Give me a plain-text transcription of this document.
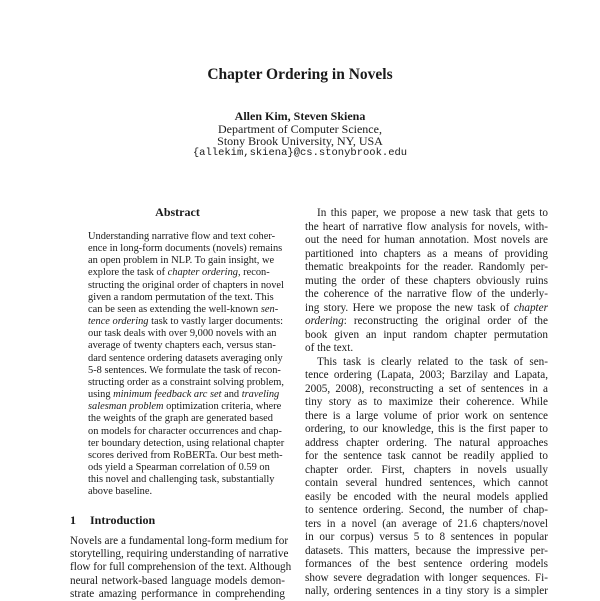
Chapter Ordering in Novels
Allen Kim, Steven Skiena
Department of Computer Science,
Stony Brook University, NY, USA
{allekim,skiena}@cs.stonybrook.edu
Abstract
Understanding narrative flow and text coher-
ence in long-form documents (novels) remains
an open problem in NLP. To gain insight, we
explore the task of chapter ordering, recon-
structing the original order of chapters in novel
given a random permutation of the text. This
can be seen as extending the well-known sen-
tence ordering task to vastly larger documents:
our task deals with over 9,000 novels with an
average of twenty chapters each, versus stan-
dard sentence ordering datasets averaging only
5-8 sentences. We formulate the task of recon-
structing order as a constraint solving problem,
using minimum feedback arc set and traveling
salesman problem optimization criteria, where
the weights of the graph are generated based
on models for character occurrences and chap-
ter boundary detection, using relational chapter
scores derived from RoBERTa. Our best meth-
ods yield a Spearman correlation of 0.59 on
this novel and challenging task, substantially
above baseline.
1 Introduction
Novels are a fundamental long-form medium for
storytelling, requiring understanding of narrative
flow for full comprehension of the text. Although
neural network-based language models demon-
strate amazing performance in comprehending
In this paper, we propose a new task that gets to
the heart of narrative flow analysis for novels, with-
out the need for human annotation. Most novels are
partitioned into chapters as a means of providing
thematic breakpoints for the reader. Randomly per-
muting the order of these chapters obviously ruins
the coherence of the narrative flow of the underly-
ing story. Here we propose the new task of chapter
ordering: reconstructing the original order of the
book given an input random chapter permutation
of the text.
This task is clearly related to the task of sen-
tence ordering (Lapata, 2003; Barzilay and Lapata,
2005, 2008), reconstructing a set of sentences in a
tiny story as to maximize their coherence. While
there is a large volume of prior work on sentence
ordering, to our knowledge, this is the first paper to
address chapter ordering. The natural approaches
for the sentence task cannot be readily applied to
chapter order. First, chapters in novels usually
contain several hundred sentences, which cannot
easily be encoded with the neural models applied
to sentence ordering. Second, the number of chap-
ters in a novel (an average of 21.6 chapters/novel
in our corpus) versus 5 to 8 sentences in popular
datasets. This matters, because the impressive per-
formances of the best sentence ordering models
show severe degradation with longer sequences. Fi-
nally, ordering sentences in a tiny story is a simpler
